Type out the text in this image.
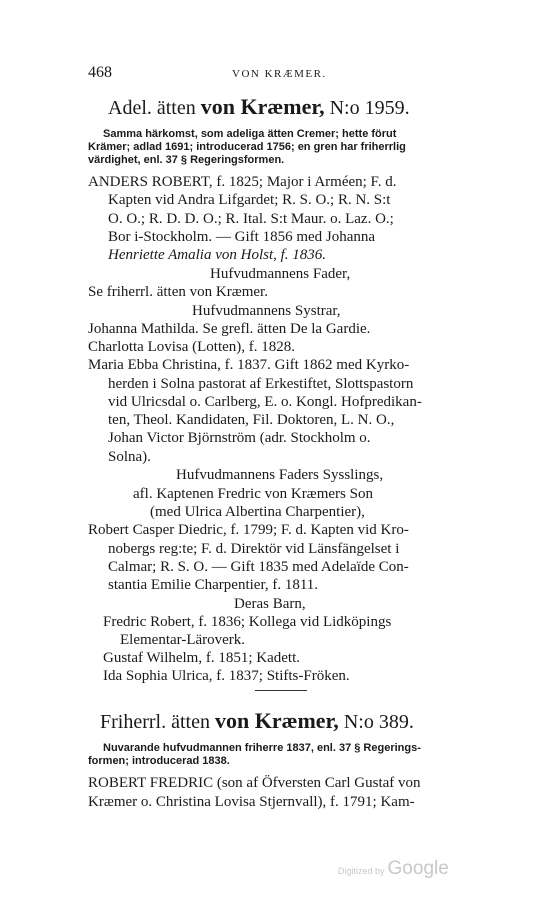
468	VON KRÆMER.
Adel. ätten von Kræmer, N:o 1959.
Samma härkomst, som adeliga ätten Cremer; hette förut
Krämer; adlad 1691; introducerad 1756; en gren har friherrlig
värdighet, enl. 37 § Regeringsformen.
ANDERS ROBERT, f. 1825; Major i Arméen; F. d.
Kapten vid Andra Lifgardet; R. S. O.; R. N. S:t
O. O.; R. D. D. O.; R. Ital. S:t Maur. o. Laz. O.;
Bor i-Stockholm. — Gift 1856 med Johanna
Henriette Amalia von Holst, f. 1836.
Hufvudmannens Fader,
Se friherrl. ätten von Kræmer.
Hufvudmannens Systrar,
Johanna Mathilda. Se grefl. ätten De la Gardie.
Charlotta Lovisa (Lotten), f. 1828.
Maria Ebba Christina, f. 1837. Gift 1862 med Kyrko-
herden i Solna pastorat af Erkestiftet, Slottspastorn
vid Ulricsdal o. Carlberg, E. o. Kongl. Hofpredikan-
ten, Theol. Kandidaten, Fil. Doktoren, L. N. O.,
Johan Victor Björnström (adr. Stockholm o.
Solna).
Hufvudmannens Faders Sysslings,
afl. Kaptenen Fredric von Kræmers Son
(med Ulrica Albertina Charpentier),
Robert Casper Diedric, f. 1799; F. d. Kapten vid Kro-
nobergs reg:te; F. d. Direktör vid Länsfängelset i
Calmar; R. S. O. — Gift 1835 med Adelaïde Con-
stantia Emilie Charpentier, f. 1811.
Deras Barn,
Fredric Robert, f. 1836; Kollega vid Lidköpings
Elementar-Läroverk.
Gustaf Wilhelm, f. 1851; Kadett.
Ida Sophia Ulrica, f. 1837; Stifts-Fröken.
Friherrl. ätten von Kræmer, N:o 389.
Nuvarande hufvudmannen friherre 1837, enl. 37 § Regerings-
formen; introducerad 1838.
ROBERT FREDRIC (son af Öfversten Carl Gustaf von
Kræmer o. Christina Lovisa Stjernvall), f. 1791; Kam-
Digitized by Google
